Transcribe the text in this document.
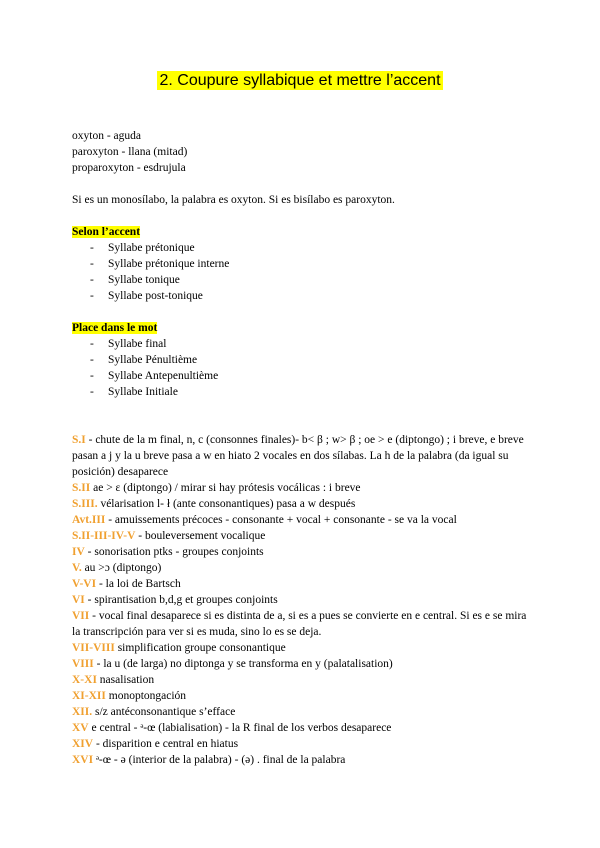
2. Coupure syllabique et mettre l’accent
oxyton - aguda
paroxyton - llana (mitad)
proparoxyton - esdrujula
Si es un monosílabo, la palabra es oxyton. Si es bisílabo es paroxyton.
Selon l’accent
- Syllabe prétonique
- Syllabe prétonique interne
- Syllabe tonique
- Syllabe post-tonique
Place dans le mot
- Syllabe final
- Syllabe Pénultième
- Syllabe Antepenultième
- Syllabe Initiale

S.I - chute de la m final, n, c (consonnes finales)- b< β ; w> β ; oe > e (diptongo) ; i breve, e breve pasan a j y la u breve pasa a w en hiato 2 vocales en dos sílabas. La h de la palabra (da igual su posición) desaparece

S.II ae > ε (diptongo) / mirar si hay prótesis vocálicas : i breve

S.III. vélarisation l- ł (ante consonantiques) pasa a w después

Avt.III - amuissements précoces - consonante + vocal + consonante - se va la vocal

S.II-III-IV-V - bouleversement vocalique

IV - sonorisation ptks - groupes conjoints

V. au >ɔ (diptongo)

V-VI - la loi de Bartsch

VI - spirantisation b,d,g et groupes conjoints

VII - vocal final desaparece si es distinta de a, si es a pues se convierte en e central. Si es e se mira la transcripción para ver si es muda, sino lo es se deja.

VII-VIII simplification groupe consonantique

VIII - la u (de larga) no diptonga y se transforma en y (palatalisation)

X-XI nasalisation

XI-XII monoptongación

XII. s/z antéconsonantique s’efface

XV e central - ᵊ-œ (labialisation) - la R final de los verbos desaparece

XIV - disparition e central en hiatus

XVI ᵊ-œ - ə (interior de la palabra) - (ə) . final de la palabra
